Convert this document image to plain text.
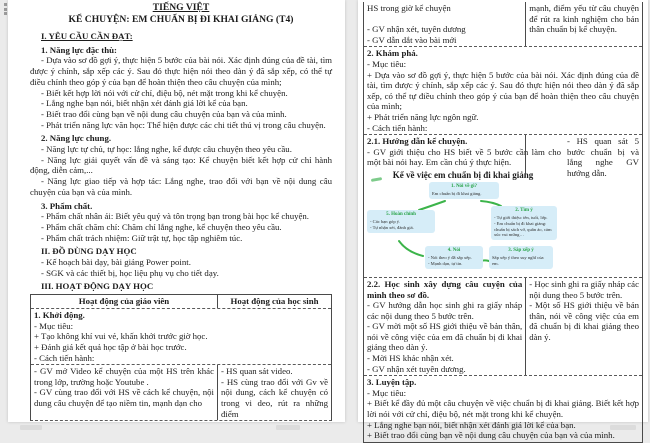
TIẾNG VIỆT
KỂ CHUYỆN: EM CHUẨN BỊ ĐI KHAI GIẢNG (T4)

I. YÊU CẦU CẦN ĐẠT:

1. Năng lực đặc thù:

- Dựa vào sơ đồ gợi ý, thực hiện 5 bước của bài nói. Xác định đúng của đề tài, tìm được ý chính, sắp xếp các ý. Sau đó thực hiện nói theo dàn ý đã sắp xếp, có thể tự điều chỉnh theo góp ý của bạn để hoàn thiện theo câu chuyện của mình;

- Biết kết hợp lời nói với cử chỉ, điệu bộ, nét mặt trong khi kể chuyện.

- Lắng nghe bạn nói, biết nhận xét đánh giá lời kể của bạn.

- Biết trao đổi cùng bạn về nội dung câu chuyện của bạn và của mình.

- Phát triển năng lực văn học: Thể hiện được các chi tiết thú vị trong câu chuyện.

2. Năng lực chung.

- Năng lực tự chủ, tự học: lắng nghe, kể được câu chuyện theo yêu cầu.

- Năng lực giải quyết vấn đề và sáng tạo: Kể chuyện biết kết hợp cử chỉ hành động, diễn cảm,...

- Năng lực giao tiếp và hợp tác: Lắng nghe, trao đổi với bạn về nội dung câu chuyện của bạn và của mình.

3. Phẩm chất.

- Phẩm chất nhân ái: Biết yêu quý và tôn trọng bạn trong bài học kể chuyện.

- Phẩm chất chăm chỉ: Chăm chỉ lắng nghe, kể chuyện theo yêu cầu.

- Phẩm chất trách nhiệm: Giữ trật tự, học tập nghiêm túc.

II. ĐỒ DÙNG DẠY HỌC

- Kế hoạch bài dạy, bài giảng Power point.

- SGK và các thiết bị, học liệu phụ vụ cho tiết dạy.

III. HOẠT ĐỘNG DẠY HỌC

Hoạt động của giáo viên	Hoạt động của học sinh

1. Khởi động.

- Mục tiêu:

+ Tạo không khí vui vẻ, khấn khởi trước giờ học.

+ Đánh giá kết quả học tập ở bài học trước.

- Cách tiến hành:

- GV mở Video kể chuyện của một HS trên khác trong lớp, trường hoặc Youtube .

- GV cùng trao đổi với HS về cách kể chuyện, nội dung câu chuyện để tạo niềm tin, mạnh dạn cho

- HS quan sát video.

- HS cùng trao đổi với Gv về nội dung, cách kể chuyện có trong vi deo, rút ra những điểm

HS trong giờ kể chuyện

- GV nhận xét, tuyên dương

- GV dẫn dắt vào bài mới

mạnh, điểm yếu từ câu chuyện để rút ra kinh nghiệm cho bản thân chuẩn bị kể chuyện.

2. Khám phá.

- Mục tiêu:

+ Dựa vào sơ đồ gợi ý, thực hiện 5 bước của bài nói. Xác định đúng của đề tài, tìm được ý chính, sắp xếp các ý. Sau đó thực hiện nói theo dàn ý đã sắp xếp, có thể tự điều chỉnh theo góp ý của bạn để hoàn thiện theo câu chuyện của mình;

+ Phát triển năng lực ngôn ngữ.

- Cách tiến hành:

2.1. Hướng dẫn kể chuyện.

- GV giới thiệu cho HS biết về 5 bước cần làm cho một bài nói hay. Em cần chú ý thực hiện.

Kể về việc em chuẩn bị đi khai giảng

1. Nói về gì?

Em chuẩn bị đi khai giảng.

2. Tìm ý

- Tự giới thiệu: tên, tuổi, lớp.

- Em chuẩn bị đi khai giảng: chuẩn bị sách vở, quần áo, cảm xúc vui mừng…

3. Sắp xếp ý

Sắp xếp ý theo suy nghĩ của em.

4. Nói

- Nói theo ý đã sắp xếp.

- Mạnh dạn, tự tin.

5. Hoàn chỉnh

- Các bạn góp ý.

- Tự nhận xét, đánh giá.

- HS quan sát 5 bước chuẩn bị và lắng nghe GV hướng dẫn.

2.2. Học sinh xây dựng câu cuyện của mình theo sơ đồ.

- GV hướng dẫn học sinh ghi ra giấy nháp các nội dung theo 5 bước trên.

- GV mời một số HS giới thiệu về bản thân, nói về công việc của em đã chuẩn bị đi khai giảng theo dàn ý.

- Mời HS khác nhận xét.

- GV nhận xét tuyên dương.

- Học sinh ghi ra giấy nháp các nội dung theo 5 bước trên.

- Một số HS giới thiệu về bản thân, nói về công việc của em đã chuẩn bị đi khai giảng theo dàn ý.

3. Luyện tập.

- Mục tiêu:

+ Biết kể đầy đủ một câu chuyện về việc chuẩn bị đi khai giảng. Biết kết hợp lời nói với cử chỉ, điệu bộ, nét mặt trong khi kể chuyện.

+ Lắng nghe bạn nói, biết nhận xét đánh giá lời kể của bạn.

+ Biết trao đổi cùng bạn về nội dung câu chuyện của bạn và của mình.
